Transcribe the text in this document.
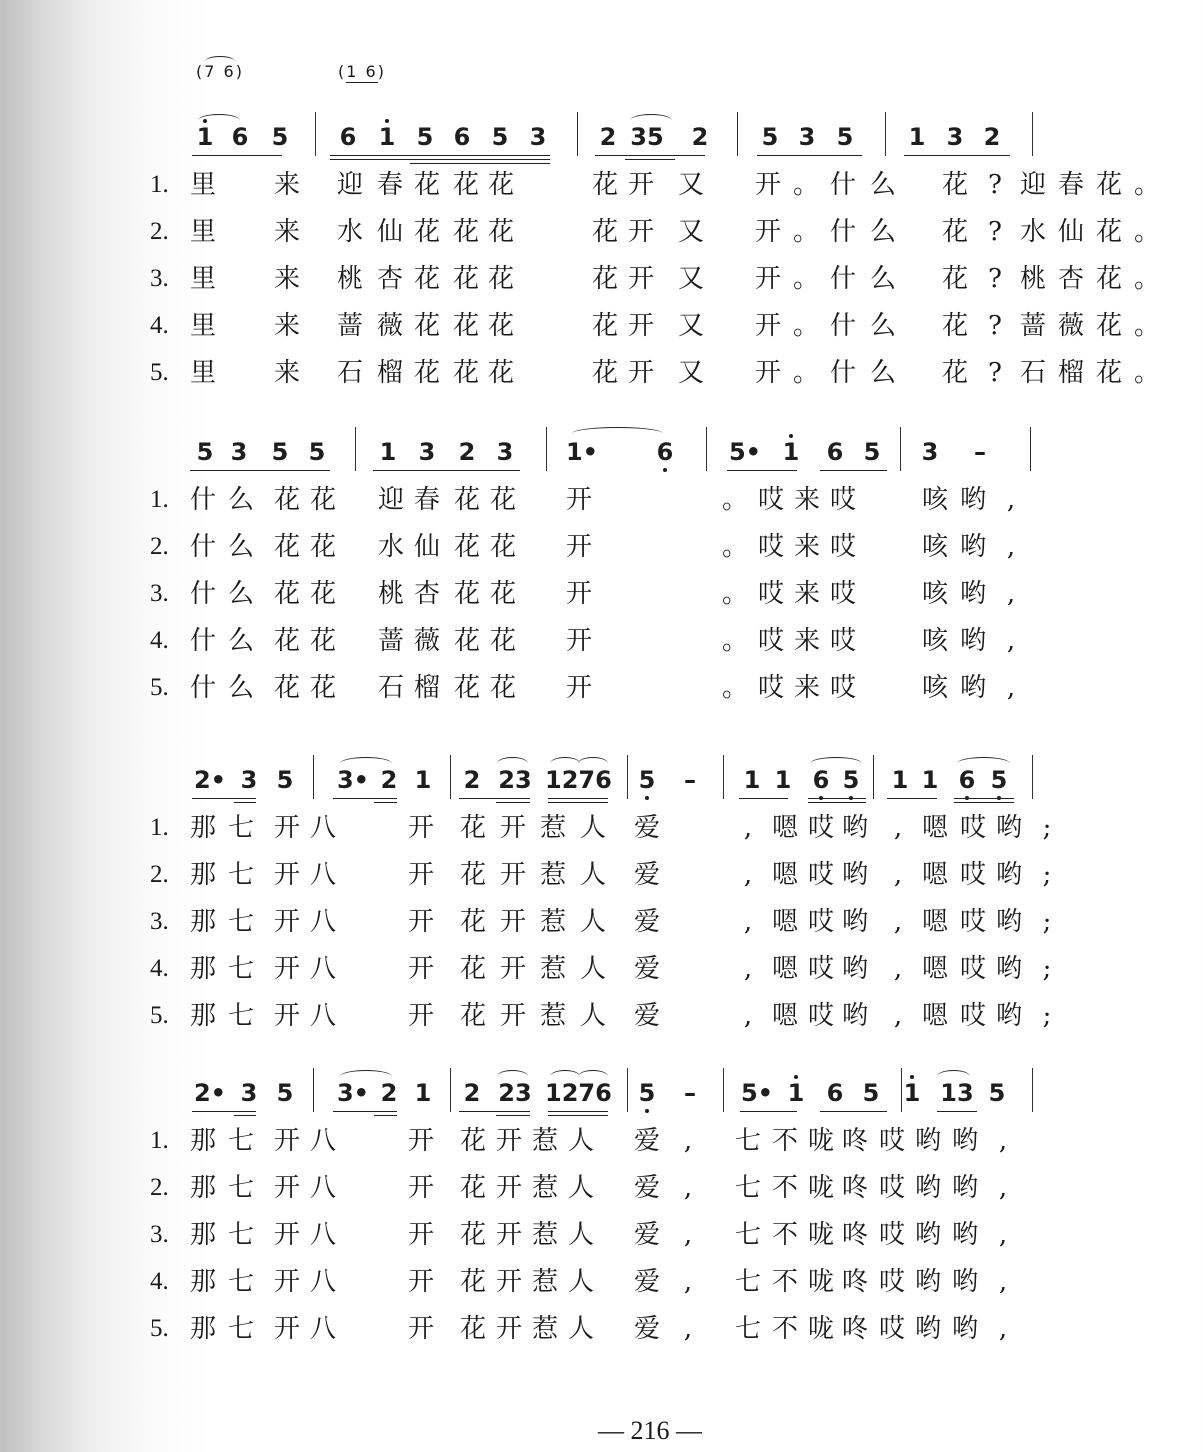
(7 6)	(1 6)
1 6 5 6 1 5 6 5 3 2 35 2 5 3 5 1 3 2
1. 里 来 迎 春 花 花 花	花 开 又 开 。 什 么 花 ? 迎 春 花 。
2. 里 来 水 仙 花 花 花	花 开 又 开 。 什 么 花 ? 水 仙 花 。
3. 里 来 桃 杏 花 花 花	花 开 又 开 。 什 么 花 ? 桃 杏 花 。
4. 里 来 蔷 薇 花 花 花	花 开 又 开 。 什 么 花 ? 蔷 薇 花 。
5. 里 来 石 榴 花 花 花	花 开 又 开 。 什 么 花 ? 石 榴 花 。
5 3 5 5 1 3 2 3 1• 6 5• 1 6 5 3	–
1. 什 么 花 花 迎 春 花 花 开	。 哎 来 哎	咳 哟 ,
2. 什 么 花 花 水 仙 花 花 开	。 哎 来 哎	咳 哟 ,
3. 什 么 花 花 桃 杏 花 花 开	。 哎 来 哎	咳 哟 ,
4. 什 么 花 花 蔷 薇 花 花 开	。 哎 来 哎	咳 哟 ,
5. 什 么 花 花 石 榴 花 花 开	。 哎 来 哎	咳 哟 ,
2• 3 5 3• 2 1 2 23 1276 5	–	1 1 6 5 1 1 6 5
1. 那 七 开 八	开 花 开 惹 人 爱	, 嗯 哎 哟 , 嗯 哎 哟 ;
2. 那 七 开 八	开 花 开 惹 人 爱	, 嗯 哎 哟 , 嗯 哎 哟 ;
3. 那 七 开 八	开 花 开 惹 人 爱	, 嗯 哎 哟 , 嗯 哎 哟 ;
4. 那 七 开 八	开 花 开 惹 人 爱	, 嗯 哎 哟 , 嗯 哎 哟 ;
5. 那 七 开 八	开 花 开 惹 人 爱	, 嗯 哎 哟 , 嗯 哎 哟 ;
2• 3 5 3• 2 1 2 23 1276 5	–	5• 1 6 5 1 13 5
1. 那 七 开 八	开 花 开 惹 人 爱 ,	七 不 咙 咚 哎 哟 哟 ,
2. 那 七 开 八	开 花 开 惹 人 爱 ,	七 不 咙 咚 哎 哟 哟 ,
3. 那 七 开 八	开 花 开 惹 人 爱 ,	七 不 咙 咚 哎 哟 哟 ,
4. 那 七 开 八	开 花 开 惹 人 爱 ,	七 不 咙 咚 哎 哟 哟 ,
5. 那 七 开 八	开 花 开 惹 人 爱 ,	七 不 咙 咚 哎 哟 哟 ,
— 216 —
